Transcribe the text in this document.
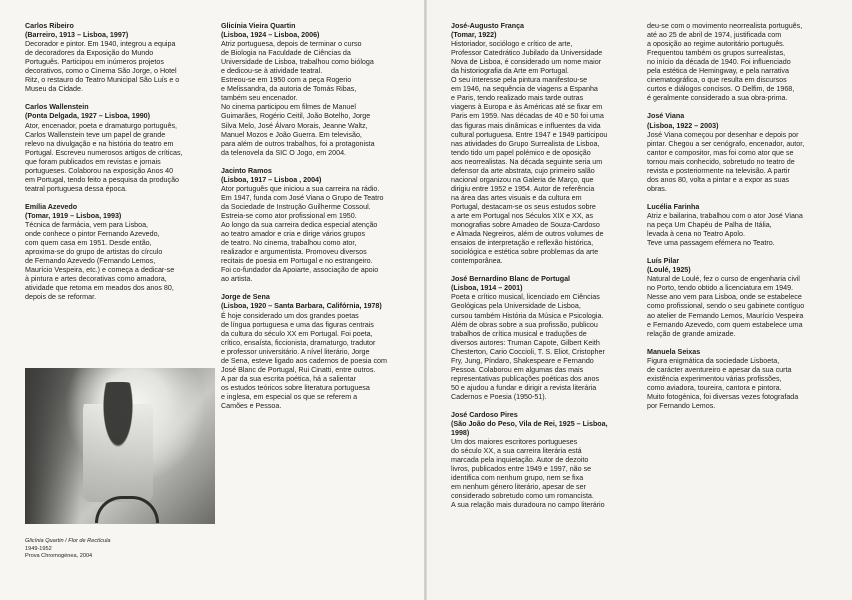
Carlos Ribeiro
(Barreiro, 1913 – Lisboa, 1997)
Decorador e pintor. Em 1940, integrou a equipa
de decoradores da Exposição do Mundo
Português. Participou em inúmeros projetos
decorativos, como o Cinema São Jorge, o Hotel
Ritz, o restauro do Teatro Municipal São Luís e o
Museu da Cidade.
Carlos Wallenstein
(Ponta Delgada, 1927 – Lisboa, 1990)
Ator, encenador, poeta e dramaturgo português,
Carlos Wallenstein teve um papel de grande
relevo na divulgação e na história do teatro em
Portugal. Escreveu numerosos artigos de críticas,
que foram publicados em revistas e jornais
portugueses. Colaborou na exposição Anos 40
em Portugal, tendo feito a pesquisa da produção
teatral portuguesa dessa época.
Emília Azevedo
(Tomar, 1919 – Lisboa, 1993)
Técnica de farmácia, vem para Lisboa,
onde conhece o pintor Fernando Azevedo,
com quem casa em 1951. Desde então,
aproxima-se do grupo de artistas do círculo
de Fernando Azevedo (Fernando Lemos,
Maurício Vespeira, etc.) e começa a dedicar-se
à pintura e artes decorativas como amadora,
atividade que retoma em meados dos anos 80,
depois de se reformar.
Glicínia Quartin / Flor de Rectícula
1949-1952
Prova Chromogénea, 2004
Glicínia Vieira Quartin
(Lisboa, 1924 – Lisboa, 2006)
Atriz portuguesa, depois de terminar o curso
de Biologia na Faculdade de Ciências da
Universidade de Lisboa, trabalhou como bióloga
e dedicou-se à atividade teatral.
Estreou-se em 1950 com a peça Rogerio
e Melissandra, da autoria de Tomás Ribas,
também seu encenador.
No cinema participou em filmes de Manuel
Guimarães, Rogério Ceitil, João Botelho, Jorge
Silva Melo, José Álvaro Morais, Jeanne Waltz,
Manuel Mozos e João Guerra. Em televisão,
para além de outros trabalhos, foi a protagonista
da telenovela da SIC O Jogo, em 2004.
Jacinto Ramos
(Lisboa, 1917 – Lisboa , 2004)
Ator português que iniciou a sua carreira na rádio.
Em 1947, funda com José Viana o Grupo de Teatro
da Sociedade de Instrução Guilherme Cossoul.
Estreia-se como ator profissional em 1950.
Ao longo da sua carreira dedica especial atenção
ao teatro amador e cria e dirige vários grupos
de teatro. No cinema, trabalhou como ator,
realizador e argumentista. Promoveu diversos
recitais de poesia em Portugal e no estrangeiro.
Foi co-fundador da Apoiarte, associação de apoio
ao artista.
Jorge de Sena
(Lisboa, 1920 – Santa Barbara, Califórnia, 1978)
É hoje considerado um dos grandes poetas
de língua portuguesa e uma das figuras centrais
da cultura do século XX em Portugal. Foi poeta,
crítico, ensaísta, ficcionista, dramaturgo, tradutor
e professor universitário. A nível literário, Jorge
de Sena, esteve ligado aos cadernos de poesia com
José Blanc de Portugal, Rui Cinatti, entre outros.
A par da sua escrita poética, há a salientar
os estudos teóricos sobre literatura portuguesa
e inglesa, em especial os que se referem a
Camões e Pessoa.
José-Augusto França
(Tomar, 1922)
Historiador, sociólogo e crítico de arte,
Professor Catedrático Jubilado da Universidade
Nova de Lisboa, é considerado um nome maior
da historiografia da Arte em Portugal.
O seu interesse pela pintura manifestou-se
em 1946, na sequência de viagens a Espanha
e Paris, tendo realizado mais tarde outras
viagens à Europa e às Américas até se fixar em
Paris em 1959. Nas décadas de 40 e 50 foi uma
das figuras mais dinâmicas e influentes da vida
cultural portuguesa. Entre 1947 e 1949 participou
nas atividades do Grupo Surrealista de Lisboa,
tendo tido um papel polémico e de oposição
aos neorrealistas. Na década seguinte seria um
defensor da arte abstrata, cujo primeiro salão
nacional organizou na Galeria de Março, que
dirigiu entre 1952 e 1954. Autor de referência
na área das artes visuais e da cultura em
Portugal, destacam-se os seus estudos sobre
a arte em Portugal nos Séculos XIX e XX, as
monografias sobre Amadeo de Souza-Cardoso
e Almada Negreiros, além de outros volumes de
ensaios de interpretação e reflexão histórica,
sociológica e estética sobre problemas da arte
contemporânea.
José Bernardino Blanc de Portugal
(Lisboa, 1914 – 2001)
Poeta e crítico musical, licenciado em Ciências
Geológicas pela Universidade de Lisboa,
cursou também História da Música e Psicologia.
Além de obras sobre a sua profissão, publicou
trabalhos de crítica musical e traduções de
diversos autores: Truman Capote, Gilbert Keith
Chesterton, Cario Coccioli, T. S. Eliot, Cristopher
Fry, Jung, Píndaro, Shakespeare e Fernando
Pessoa. Colaborou em algumas das mais
representativas publicações poéticas dos anos
50 e ajudou a fundar e dirigir a revista literária
Cadernos e Poesia (1950-51).
José Cardoso Pires
(São João do Peso, Vila de Rei, 1925 – Lisboa,
1998)
Um dos maiores escritores portugueses
do século XX, a sua carreira literária está
marcada pela inquietação. Autor de dezoito
livros, publicados entre 1949 e 1997, não se
identifica com nenhum grupo, nem se fixa
em nenhum género literário, apesar de ser
considerado sobretudo como um romancista.
A sua relação mais duradoura no campo literário
deu-se com o movimento neorrealista português,
até ao 25 de abril de 1974, justificada com
a oposição ao regime autoritário português.
Frequentou também os grupos surrealistas,
no início da década de 1940. Foi influenciado
pela estética de Hemingway, e pela narrativa
cinematográfica, o que resulta em discursos
curtos e diálogos concisos. O Delfim, de 1968,
é geralmente considerado a sua obra-prima.
José Viana
(Lisboa, 1922 – 2003)
José Viana começou por desenhar e depois por
pintar. Chegou a ser cenógrafo, encenador, autor,
cantor e compositor, mas foi como ator que se
tornou mais conhecido, sobretudo no teatro de
revista e posteriormente na televisão. A partir
dos anos 80, volta a pintar e a expor as suas
obras.
Lucélia Farinha
Atriz e bailarina, trabalhou com o ator José Viana
na peça Um Chapéu de Palha de Itália,
levada à cena no Teatro Apolo.
Teve uma passagem efémera no Teatro.
Luís Pilar
(Loulé, 1925)
Natural de Loulé, fez o curso de engenharia civil
no Porto, tendo obtido a licenciatura em 1949.
Nesse ano vem para Lisboa, onde se estabelece
como profissional, sendo o seu gabinete contíguo
ao atelier de Fernando Lemos, Maurício Vespeira
e Fernando Azevedo, com quem estabelece uma
relação de grande amizade.
Manuela Seixas
Figura enigmática da sociedade Lisboeta,
de carácter aventureiro e apesar da sua curta
existência experimentou várias profissões,
como aviadora, toureira, cantora e pintora.
Muito fotogénica, foi diversas vezes fotografada
por Fernando Lemos.
